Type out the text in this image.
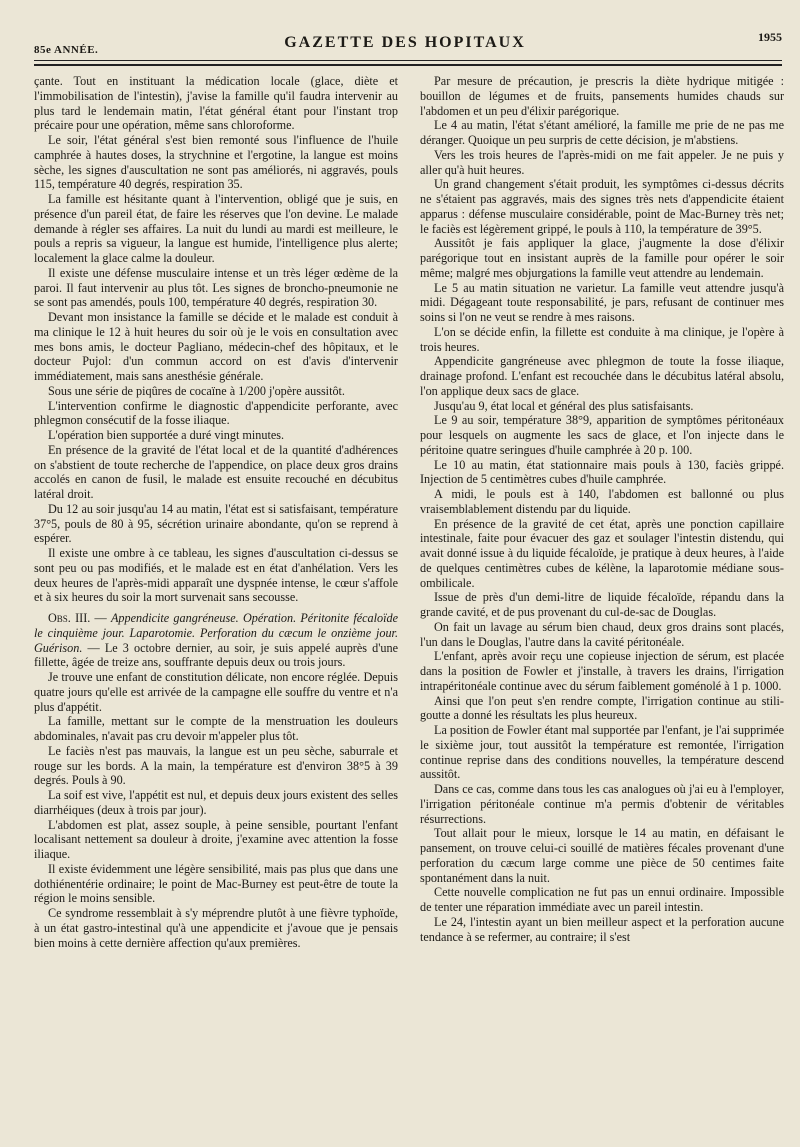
85e ANNÉE.	GAZETTE DES HOPITAUX	1955

çante. Tout en instituant la médication locale (glace, diète et l'immobilisation de l'intestin), j'avise la famille qu'il faudra intervenir au plus tard le lendemain matin, l'état général étant pour l'instant trop précaire pour une opération, même sans chloroforme.

Le soir, l'état général s'est bien remonté sous l'influence de l'huile camphrée à hautes doses, la strychnine et l'ergotine, la langue est moins sèche, les signes d'auscultation ne sont pas améliorés, ni aggravés, pouls 115, température 40 degrés, respiration 35.

La famille est hésitante quant à l'intervention, obligé que je suis, en présence d'un pareil état, de faire les réserves que l'on devine. Le malade demande à régler ses affaires. La nuit du lundi au mardi est meilleure, le pouls a repris sa vigueur, la langue est humide, l'intelligence plus alerte; localement la glace calme la douleur.

Il existe une défense musculaire intense et un très léger œdème de la paroi. Il faut intervenir au plus tôt. Les signes de broncho-pneumonie ne se sont pas amendés, pouls 100, température 40 degrés, respiration 30.

Devant mon insistance la famille se décide et le malade est conduit à ma clinique le 12 à huit heures du soir où je le vois en consultation avec mes bons amis, le docteur Pagliano, médecin-chef des hôpitaux, et le docteur Pujol: d'un commun accord on est d'avis d'intervenir immédiatement, mais sans anesthésie générale.

Sous une série de piqûres de cocaïne à 1/200 j'opère aussitôt.

L'intervention confirme le diagnostic d'appendicite perforante, avec phlegmon consécutif de la fosse iliaque.

L'opération bien supportée a duré vingt minutes.

En présence de la gravité de l'état local et de la quantité d'adhérences on s'abstient de toute recherche de l'appendice, on place deux gros drains accolés en canon de fusil, le malade est ensuite recouché en décubitus latéral droit.

Du 12 au soir jusqu'au 14 au matin, l'état est si satisfaisant, température 37°5, pouls de 80 à 95, sécrétion urinaire abondante, qu'on se reprend à espérer.

Il existe une ombre à ce tableau, les signes d'auscultation ci-dessus se sont peu ou pas modifiés, et le malade est en état d'anhélation. Vers les deux heures de l'après-midi apparaît une dyspnée intense, le cœur s'affole et à six heures du soir la mort survenait sans secousse.

Obs. III. — Appendicite gangréneuse. Opération. Péritonite fécaloïde le cinquième jour. Laparotomie. Perforation du cæcum le onzième jour. Guérison. — Le 3 octobre dernier, au soir, je suis appelé auprès d'une fillette, âgée de treize ans, souffrante depuis deux ou trois jours.

Je trouve une enfant de constitution délicate, non encore réglée. Depuis quatre jours qu'elle est arrivée de la campagne elle souffre du ventre et n'a plus d'appétit.

La famille, mettant sur le compte de la menstruation les douleurs abdominales, n'avait pas cru devoir m'appeler plus tôt.

Le faciès n'est pas mauvais, la langue est un peu sèche, saburrale et rouge sur les bords. A la main, la température est d'environ 38°5 à 39 degrés. Pouls à 90.

La soif est vive, l'appétit est nul, et depuis deux jours existent des selles diarrhéiques (deux à trois par jour).

L'abdomen est plat, assez souple, à peine sensible, pourtant l'enfant localisant nettement sa douleur à droite, j'examine avec attention la fosse iliaque.

Il existe évidemment une légère sensibilité, mais pas plus que dans une dothiénentérie ordinaire; le point de Mac-Burney est peut-être de toute la région le moins sensible.

Ce syndrome ressemblait à s'y méprendre plutôt à une fièvre typhoïde, à un état gastro-intestinal qu'à une appendicite et j'avoue que je pensais bien moins à cette dernière affection qu'aux premières.

Par mesure de précaution, je prescris la diète hydrique mitigée : bouillon de légumes et de fruits, pansements humides chauds sur l'abdomen et un peu d'élixir parégorique.

Le 4 au matin, l'état s'étant amélioré, la famille me prie de ne pas me déranger. Quoique un peu surpris de cette décision, je m'abstiens.

Vers les trois heures de l'après-midi on me fait appeler. Je ne puis y aller qu'à huit heures.

Un grand changement s'était produit, les symptômes ci-dessus décrits ne s'étaient pas aggravés, mais des signes très nets d'appendicite étaient apparus : défense musculaire considérable, point de Mac-Burney très net; le faciès est légèrement grippé, le pouls à 110, la température de 39°5.

Aussitôt je fais appliquer la glace, j'augmente la dose d'élixir parégorique tout en insistant auprès de la famille pour opérer le soir même; malgré mes objurgations la famille veut attendre au lendemain.

Le 5 au matin situation ne varietur. La famille veut attendre jusqu'à midi. Dégageant toute responsabilité, je pars, refusant de continuer mes soins si l'on ne veut se rendre à mes raisons.

L'on se décide enfin, la fillette est conduite à ma clinique, je l'opère à trois heures.

Appendicite gangréneuse avec phlegmon de toute la fosse iliaque, drainage profond. L'enfant est recouchée dans le décubitus latéral absolu, l'on applique deux sacs de glace.

Jusqu'au 9, état local et général des plus satisfaisants.

Le 9 au soir, température 38°9, apparition de symptômes péritonéaux pour lesquels on augmente les sacs de glace, et l'on injecte dans le péritoine quatre seringues d'huile camphrée à 20 p. 100.

Le 10 au matin, état stationnaire mais pouls à 130, faciès grippé. Injection de 5 centimètres cubes d'huile camphrée.

A midi, le pouls est à 140, l'abdomen est ballonné ou plus vraisemblablement distendu par du liquide.

En présence de la gravité de cet état, après une ponction capillaire intestinale, faite pour évacuer des gaz et soulager l'intestin distendu, qui avait donné issue à du liquide fécaloïde, je pratique à deux heures, à l'aide de quelques centimètres cubes de kélène, la laparotomie médiane sous-ombilicale.

Issue de près d'un demi-litre de liquide fécaloïde, répandu dans la grande cavité, et de pus provenant du cul-de-sac de Douglas.

On fait un lavage au sérum bien chaud, deux gros drains sont placés, l'un dans le Douglas, l'autre dans la cavité péritonéale.

L'enfant, après avoir reçu une copieuse injection de sérum, est placée dans la position de Fowler et j'installe, à travers les drains, l'irrigation intrapéritonéale continue avec du sérum faiblement goménolé à 1 p. 1000.

Ainsi que l'on peut s'en rendre compte, l'irrigation continue au stili-goutte a donné les résultats les plus heureux.

La position de Fowler étant mal supportée par l'enfant, je l'ai supprimée le sixième jour, tout aussitôt la température est remontée, l'irrigation continue reprise dans des conditions nouvelles, la température descend aussitôt.

Dans ce cas, comme dans tous les cas analogues où j'ai eu à l'employer, l'irrigation péritonéale continue m'a permis d'obtenir de véritables résurrections.

Tout allait pour le mieux, lorsque le 14 au matin, en défaisant le pansement, on trouve celui-ci souillé de matières fécales provenant d'une perforation du cæcum large comme une pièce de 50 centimes faite spontanément dans la nuit.

Cette nouvelle complication ne fut pas un ennui ordinaire. Impossible de tenter une réparation immédiate avec un pareil intestin.

Le 24, l'intestin ayant un bien meilleur aspect et la perforation aucune tendance à se refermer, au contraire; il s'est
